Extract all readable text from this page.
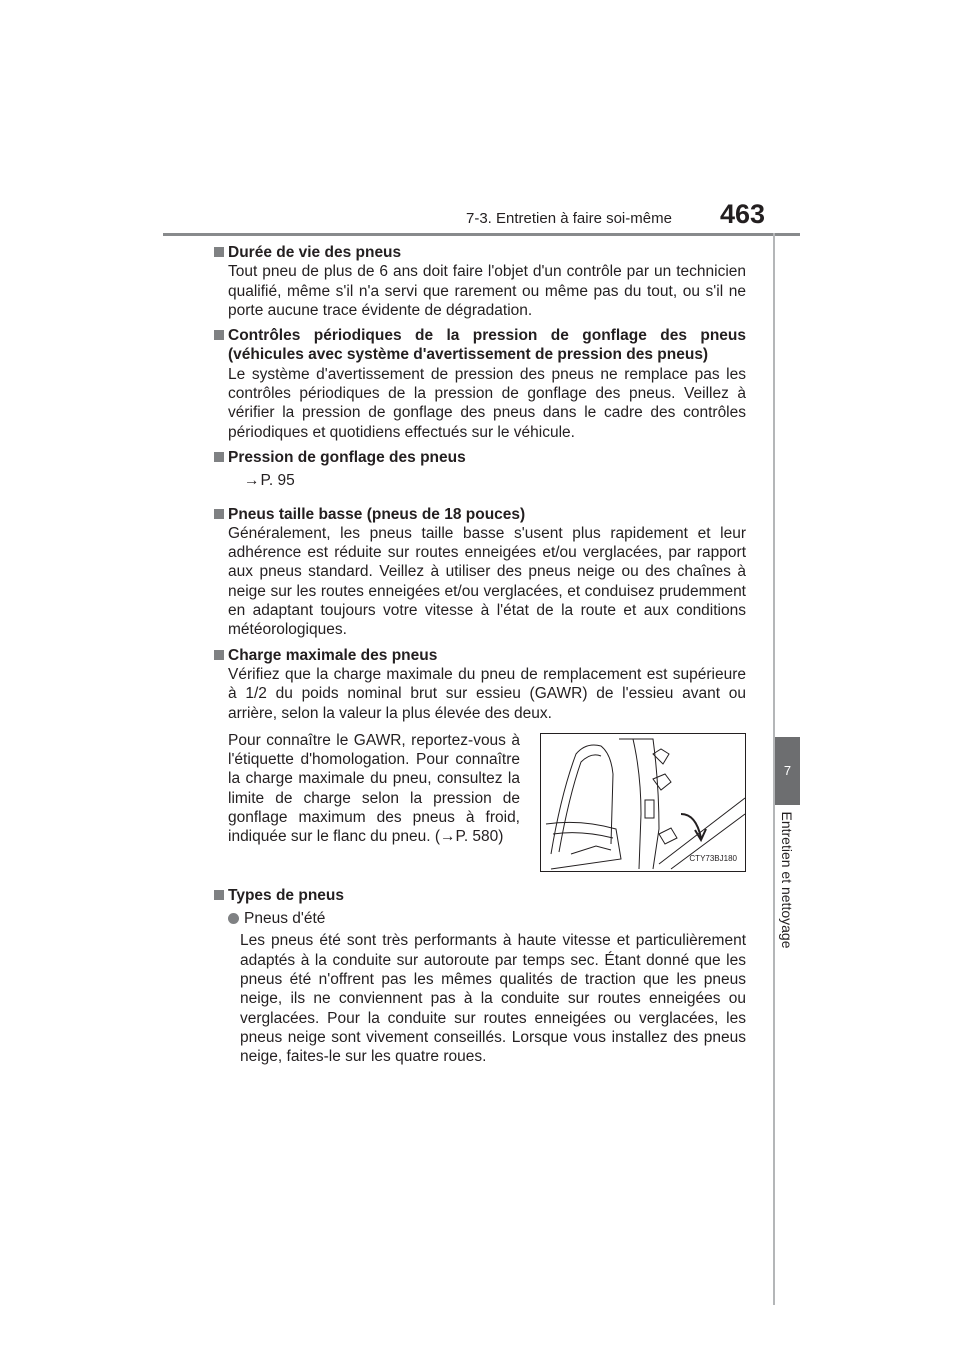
7-3. Entretien à faire soi-même	463
7
Entretien et nettoyage
Durée de vie des pneus
Tout pneu de plus de 6 ans doit faire l'objet d'un contrôle par un technicien qualifié, même s'il n'a servi que rarement ou même pas du tout, ou s'il ne porte aucune trace évidente de dégradation.
Contrôles périodiques de la pression de gonflage des pneus (véhicules avec système d'avertissement de pression des pneus)
Le système d'avertissement de pression des pneus ne remplace pas les contrôles périodiques de la pression de gonflage des pneus. Veillez à vérifier la pression de gonflage des pneus dans le cadre des contrôles périodiques et quotidiens effectués sur le véhicule.
Pression de gonflage des pneus
→P. 95
Pneus taille basse (pneus de 18 pouces)
Généralement, les pneus taille basse s'usent plus rapidement et leur adhérence est réduite sur routes enneigées et/ou verglacées, par rapport aux pneus standard. Veillez à utiliser des pneus neige ou des chaînes à neige sur les routes enneigées et/ou verglacées, et conduisez prudemment en adaptant toujours votre vitesse à l'état de la route et aux conditions météorologiques.
Charge maximale des pneus
Vérifiez que la charge maximale du pneu de remplacement est supérieure à 1/2 du poids nominal brut sur essieu (GAWR) de l'essieu avant ou arrière, selon la valeur la plus élevée des deux.
Pour connaître le GAWR, reportez-vous à l'étiquette d'homologation. Pour connaître la charge maximale du pneu, consultez la limite de charge selon la pression de gonflage maximum des pneus à froid, indiquée sur le flanc du pneu. (→P. 580)
CTY73BJ180
Types de pneus
Pneus d'été
Les pneus été sont très performants à haute vitesse et particulièrement adaptés à la conduite sur autoroute par temps sec. Étant donné que les pneus été n'offrent pas les mêmes qualités de traction que les pneus neige, ils ne conviennent pas à la conduite sur routes enneigées ou verglacées. Pour la conduite sur routes enneigées ou verglacées, les pneus neige sont vivement conseillés. Lorsque vous installez des pneus neige, faites-le sur les quatre roues.
